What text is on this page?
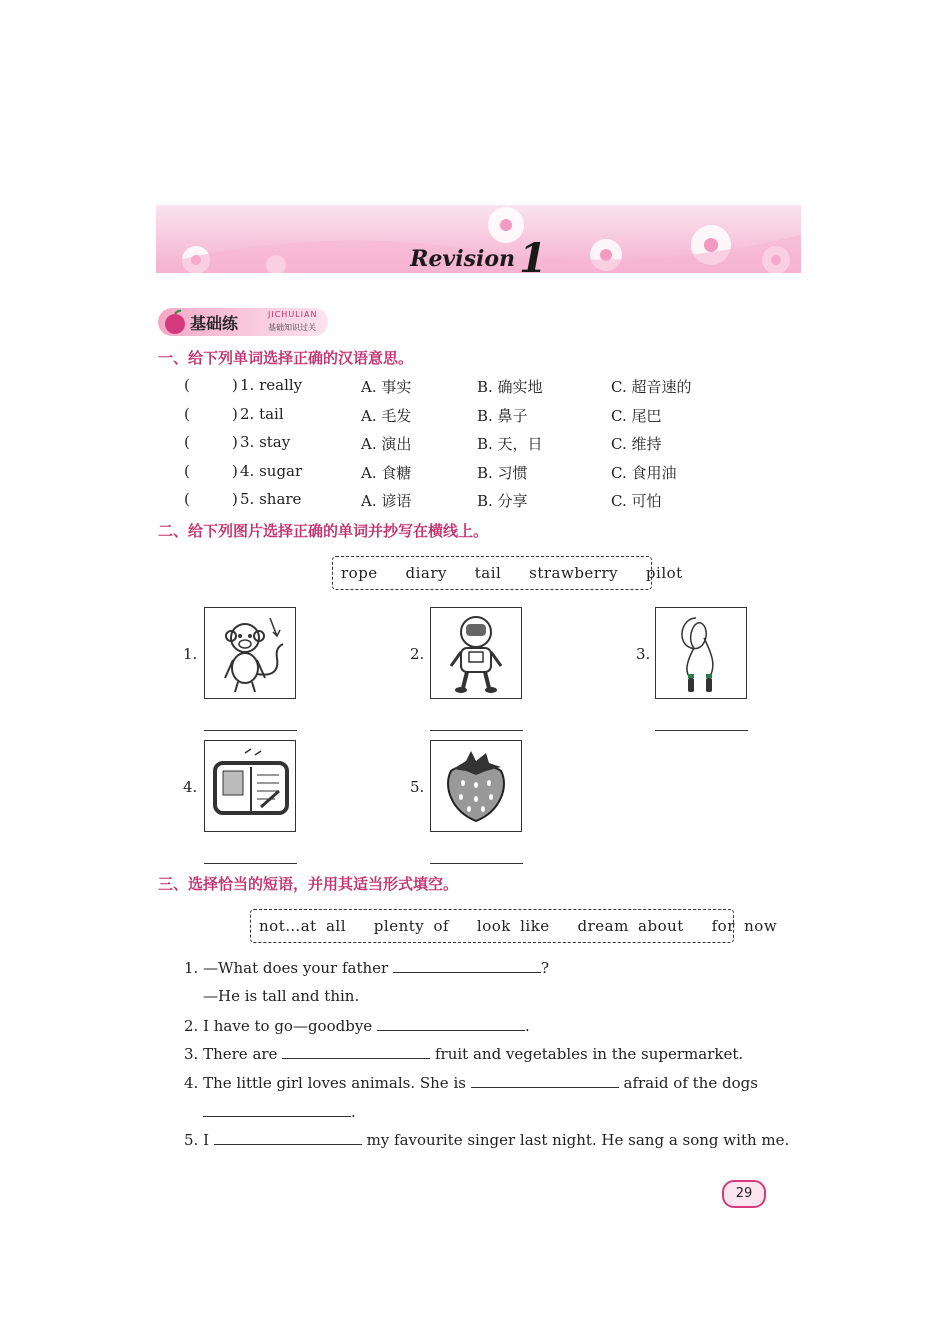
Revision 1
基础练	JICHULIAN
基础知识过关
一、给下列单词选择正确的汉语意思。
(	) 1. really	A. 事实	B. 确实地	C. 超音速的
(	) 2. tail	A. 毛发	B. 鼻子	C. 尾巴
(	) 3. stay	A. 演出	B. 天，日	C. 维持
(	) 4. sugar	A. 食糖	B. 习惯	C. 食用油
(	) 5. share	A. 谚语	B. 分享	C. 可怕
二、给下列图片选择正确的单词并抄写在横线上。
rope   diary   tail   strawberry   pilot
1.	2.	3.
4.	5.
三、选择恰当的短语，并用其适当形式填空。
not…at all   plenty of   look like   dream about   for now
1. —What does your father	?
—He is tall and thin.
2. I have to go—goodbye	.
3. There are	fruit and vegetables in the supermarket.
4. The little girl loves animals. She is	afraid of the dogs
.
5. I	my favourite singer last night. He sang a song with me.
29
